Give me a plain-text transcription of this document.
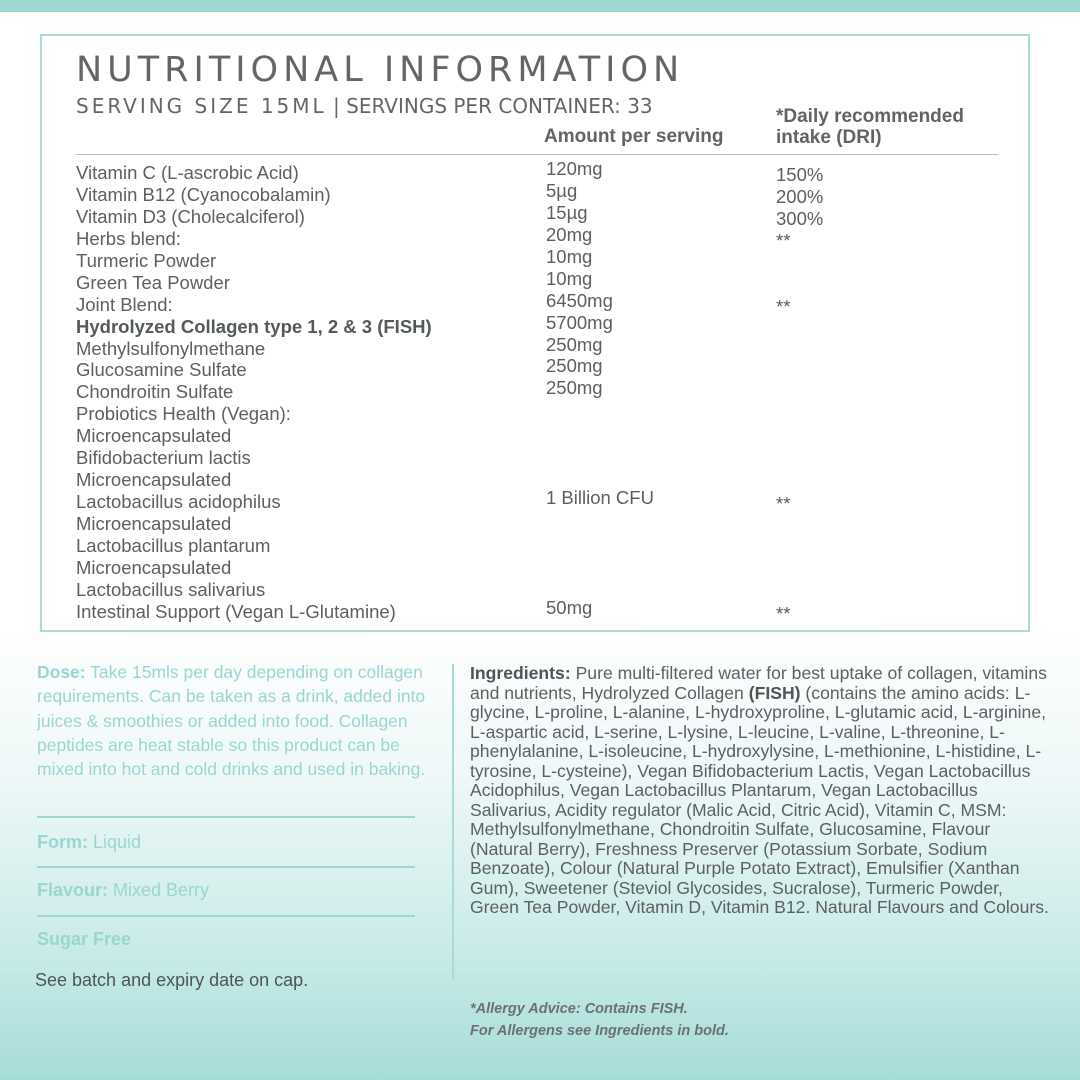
NUTRITIONAL INFORMATION
SERVING SIZE 15ML | SERVINGS PER CONTAINER: 33
Amount per serving
*Daily recommended intake (DRI)
Vitamin C (L-ascrobic Acid)	120mg	150%
Vitamin B12 (Cyanocobalamin)	5µg	200%
Vitamin D3 (Cholecalciferol)	15µg	300%
Herbs blend:	20mg	**
Turmeric Powder	10mg
Green Tea Powder	10mg
Joint Blend:	6450mg	**
Hydrolyzed Collagen type 1, 2 & 3 (FISH)	5700mg
Methylsulfonylmethane	250mg
Glucosamine Sulfate	250mg
Chondroitin Sulfate	250mg
Probiotics Health (Vegan):
Microencapsulated
Bifidobacterium lactis
Microencapsulated
Lactobacillus acidophilus	1 Billion CFU	**
Microencapsulated
Lactobacillus plantarum
Microencapsulated
Lactobacillus salivarius
Intestinal Support (Vegan L-Glutamine)	50mg	**

Dose: Take 15mls per day depending on collagen requirements. Can be taken as a drink, added into juices & smoothies or added into food. Collagen peptides are heat stable so this product can be mixed into hot and cold drinks and used in baking.

Form: Liquid
Flavour: Mixed Berry
Sugar Free
See batch and expiry date on cap.

Ingredients: Pure multi-filtered water for best uptake of collagen, vitamins and nutrients, Hydrolyzed Collagen (FISH) (contains the amino acids: L-glycine, L-proline, L-alanine, L-hydroxyproline, L-glutamic acid, L-arginine, L-aspartic acid, L-serine, L-lysine, L-leucine, L-valine, L-threonine, L-phenylalanine, L-isoleucine, L-hydroxylysine, L-methionine, L-histidine, L-tyrosine, L-cysteine), Vegan Bifidobacterium Lactis, Vegan Lactobacillus Acidophilus, Vegan Lactobacillus Plantarum, Vegan Lactobacillus Salivarius, Acidity regulator (Malic Acid, Citric Acid), Vitamin C, MSM: Methylsulfonylmethane, Chondroitin Sulfate, Glucosamine, Flavour (Natural Berry), Freshness Preserver (Potassium Sorbate, Sodium Benzoate), Colour (Natural Purple Potato Extract), Emulsifier (Xanthan Gum), Sweetener (Steviol Glycosides, Sucralose), Turmeric Powder, Green Tea Powder, Vitamin D, Vitamin B12. Natural Flavours and Colours.

*Allergy Advice: Contains FISH.
For Allergens see Ingredients in bold.
